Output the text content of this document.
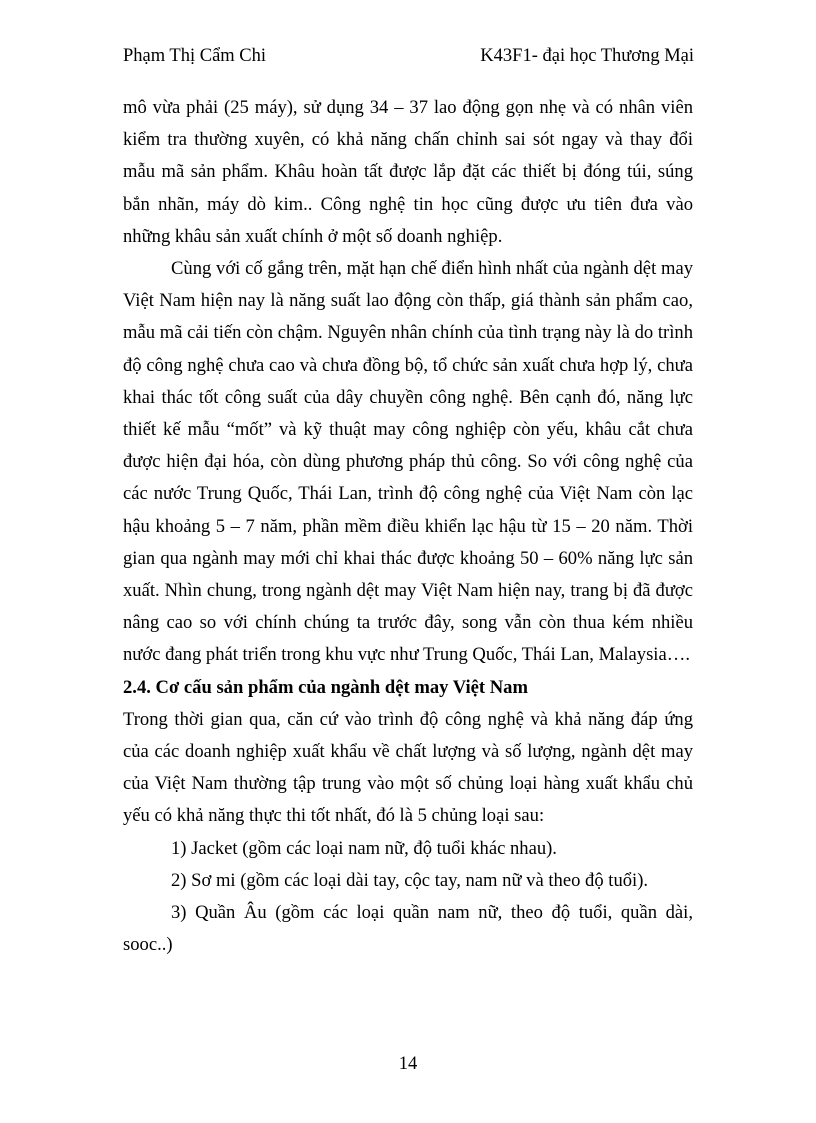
Phạm Thị Cẩm Chi	K43F1- đại học Thương Mại

mô vừa phải (25 máy), sử dụng 34 – 37 lao động gọn nhẹ và có nhân viên kiểm tra thường xuyên, có khả năng chấn chỉnh sai sót ngay và thay đổi mẫu mã sản phẩm. Khâu hoàn tất được lắp đặt các thiết bị đóng túi, súng bắn nhãn, máy dò kim.. Công nghệ tin học cũng được ưu tiên đưa vào những khâu sản xuất chính ở một số doanh nghiệp.

Cùng với cố gắng trên, mặt hạn chế điển hình nhất của ngành dệt may Việt Nam hiện nay là năng suất lao động còn thấp, giá thành sản phẩm cao, mẫu mã cải tiến còn chậm. Nguyên nhân chính của tình trạng này là do trình độ công nghệ chưa cao và chưa đồng bộ, tổ chức sản xuất chưa hợp lý, chưa khai thác tốt công suất của dây chuyền công nghệ. Bên cạnh đó, năng lực thiết kế mẫu “mốt” và kỹ thuật may công nghiệp còn yếu, khâu cắt chưa được hiện đại hóa, còn dùng phương pháp thủ công. So với công nghệ của các nước Trung Quốc, Thái Lan, trình độ công nghệ của Việt Nam còn lạc hậu khoảng 5 – 7 năm, phần mềm điều khiển lạc hậu từ 15 – 20 năm. Thời gian qua ngành may mới chỉ khai thác được khoảng 50 – 60% năng lực sản xuất. Nhìn chung, trong ngành dệt may Việt Nam hiện nay, trang bị đã được nâng cao so với chính chúng ta trước đây, song vẫn còn thua kém nhiều nước đang phát triển trong khu vực như Trung Quốc, Thái Lan, Malaysia….

2.4. Cơ cấu sản phẩm của ngành dệt may Việt Nam

Trong thời gian qua, căn cứ vào trình độ công nghệ và khả năng đáp ứng của các doanh nghiệp xuất khẩu về chất lượng và số lượng, ngành dệt may của Việt Nam thường tập trung vào một số chủng loại hàng xuất khẩu chủ yếu có khả năng thực thi tốt nhất, đó là 5 chủng loại sau:

1) Jacket (gồm các loại nam nữ, độ tuổi khác nhau).

2) Sơ mi (gồm các loại dài tay, cộc tay, nam nữ và theo độ tuổi).

3) Quần Âu (gồm các loại quần nam nữ, theo độ tuổi, quần dài, sooc..)

14
